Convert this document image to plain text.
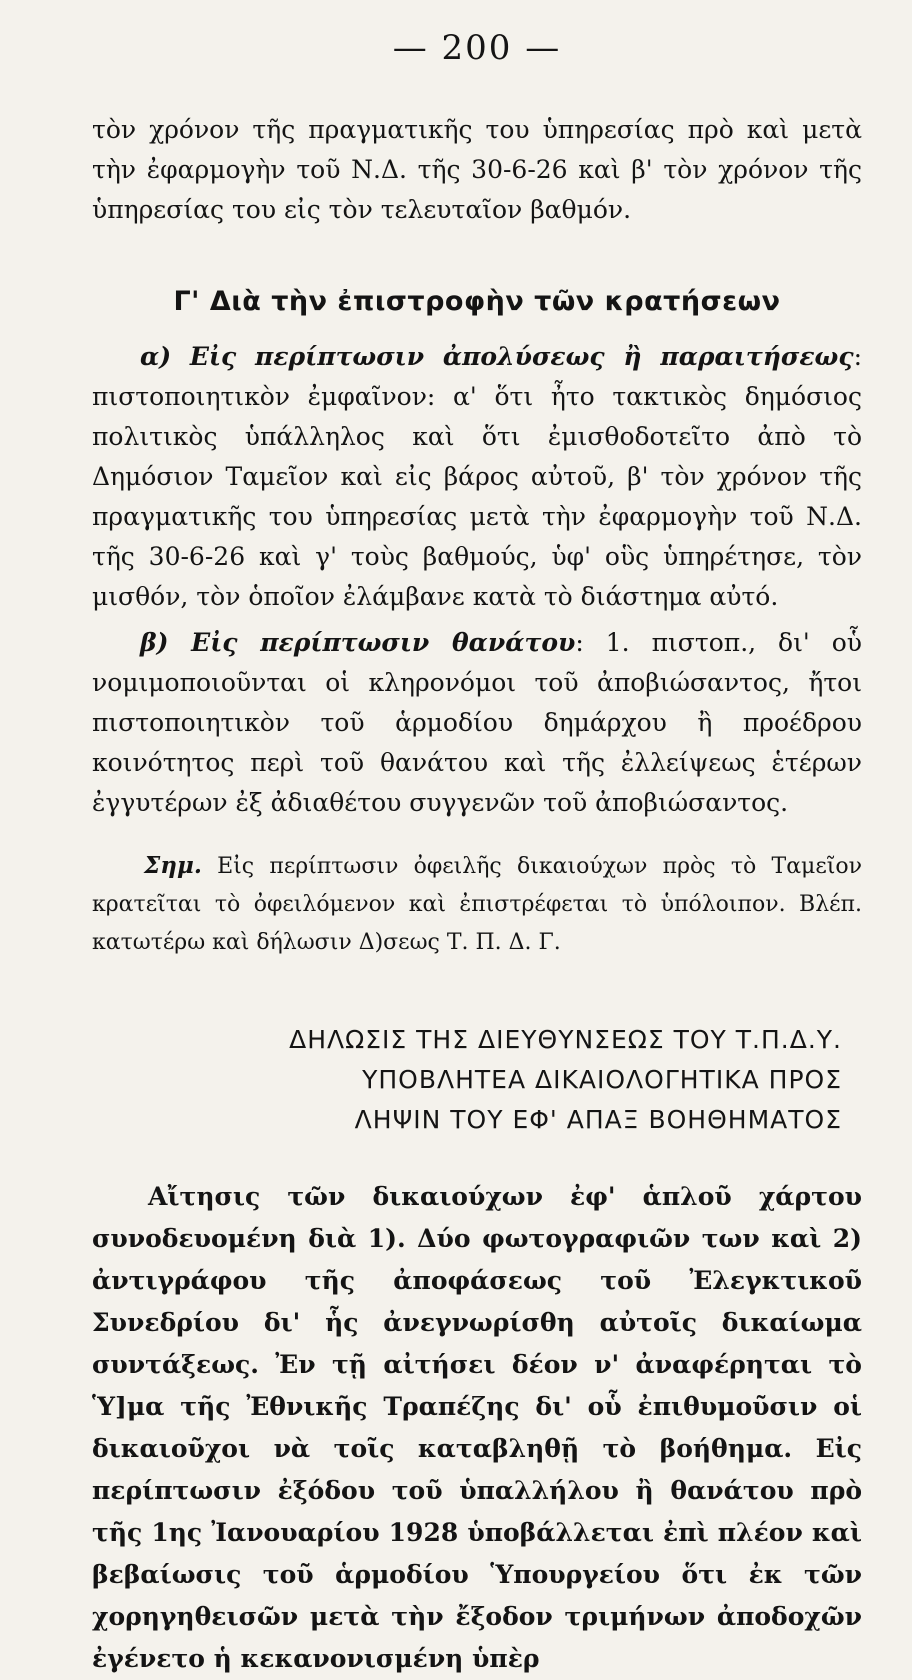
— 200 —

τὸν χρόνον τῆς πραγματικῆς του ὑπηρεσίας πρὸ καὶ μετὰ τὴν ἐφαρμογὴν τοῦ Ν.Δ. τῆς 30-6-26 καὶ β' τὸν χρόνον τῆς ὑπηρεσίας του εἰς τὸν τελευταῖον βαθμόν.

Γ' Διὰ τὴν ἐπιστροφὴν τῶν κρατήσεων

α) Εἰς περίπτωσιν ἀπολύσεως ἢ παραιτήσεως: πιστοποιητικὸν ἐμφαῖνον: α' ὅτι ἦτο τακτικὸς δημόσιος πολιτικὸς ὑπάλληλος καὶ ὅτι ἐμισθοδοτεῖτο ἀπὸ τὸ Δημόσιον Ταμεῖον καὶ εἰς βάρος αὐτοῦ, β' τὸν χρόνον τῆς πραγματικῆς του ὑπηρεσίας μετὰ τὴν ἐφαρμογὴν τοῦ Ν.Δ. τῆς 30-6-26 καὶ γ' τοὺς βαθμούς, ὑφ' οὓς ὑπηρέτησε, τὸν μισθόν, τὸν ὁποῖον ἐλάμβανε κατὰ τὸ διάστημα αὐτό.

β) Εἰς περίπτωσιν θανάτου: 1. πιστοπ., δι' οὗ νομιμοποιοῦνται οἱ κληρονόμοι τοῦ ἀποβιώσαντος, ἤτοι πιστοποιητικὸν τοῦ ἁρμοδίου δημάρχου ἢ προέδρου κοινότητος περὶ τοῦ θανάτου καὶ τῆς ἐλλείψεως ἑτέρων ἐγγυτέρων ἐξ ἀδιαθέτου συγγενῶν τοῦ ἀποβιώσαντος.

Σημ. Εἰς περίπτωσιν ὀφειλῆς δικαιούχων πρὸς τὸ Ταμεῖον κρατεῖται τὸ ὀφειλόμενον καὶ ἐπιστρέφεται τὸ ὑπόλοιπον. Βλέπ. κατωτέρω καὶ δήλωσιν Δ)σεως Τ. Π. Δ. Γ.

ΔΗΛΩΣΙΣ ΤΗΣ ΔΙΕΥΘΥΝΣΕΩΣ ΤΟΥ Τ.Π.Δ.Υ.
ΥΠΟΒΛΗΤΕΑ ΔΙΚΑΙΟΛΟΓΗΤΙΚΑ ΠΡΟΣ
ΛΗΨΙΝ ΤΟΥ ΕΦ' ΑΠΑΞ ΒΟΗΘΗΜΑΤΟΣ

Αἴτησις τῶν δικαιούχων ἐφ' ἁπλοῦ χάρτου συνοδευομένη διὰ 1). Δύο φωτογραφιῶν των καὶ 2) ἀντιγράφου τῆς ἀποφάσεως τοῦ Ἐλεγκτικοῦ Συνεδρίου δι' ἧς ἀνεγνωρίσθη αὐτοῖς δικαίωμα συντάξεως. Ἐν τῇ αἰτήσει δέον ν' ἀναφέρηται τὸ Ὑ]μα τῆς Ἐθνικῆς Τραπέζης δι' οὗ ἐπιθυμοῦσιν οἱ δικαιοῦχοι νὰ τοῖς καταβληθῇ τὸ βοήθημα. Εἰς περίπτωσιν ἐξόδου τοῦ ὑπαλλήλου ἢ θανάτου πρὸ τῆς 1ης Ἰανουαρίου 1928 ὑποβάλλεται ἐπὶ πλέον καὶ βεβαίωσις τοῦ ἁρμοδίου Ὑπουργείου ὅτι ἐκ τῶν χορηγηθεισῶν μετὰ τὴν ἔξοδον τριμήνων ἀποδοχῶν ἐγένετο ἡ κεκανονισμένη ὑπὲρ
